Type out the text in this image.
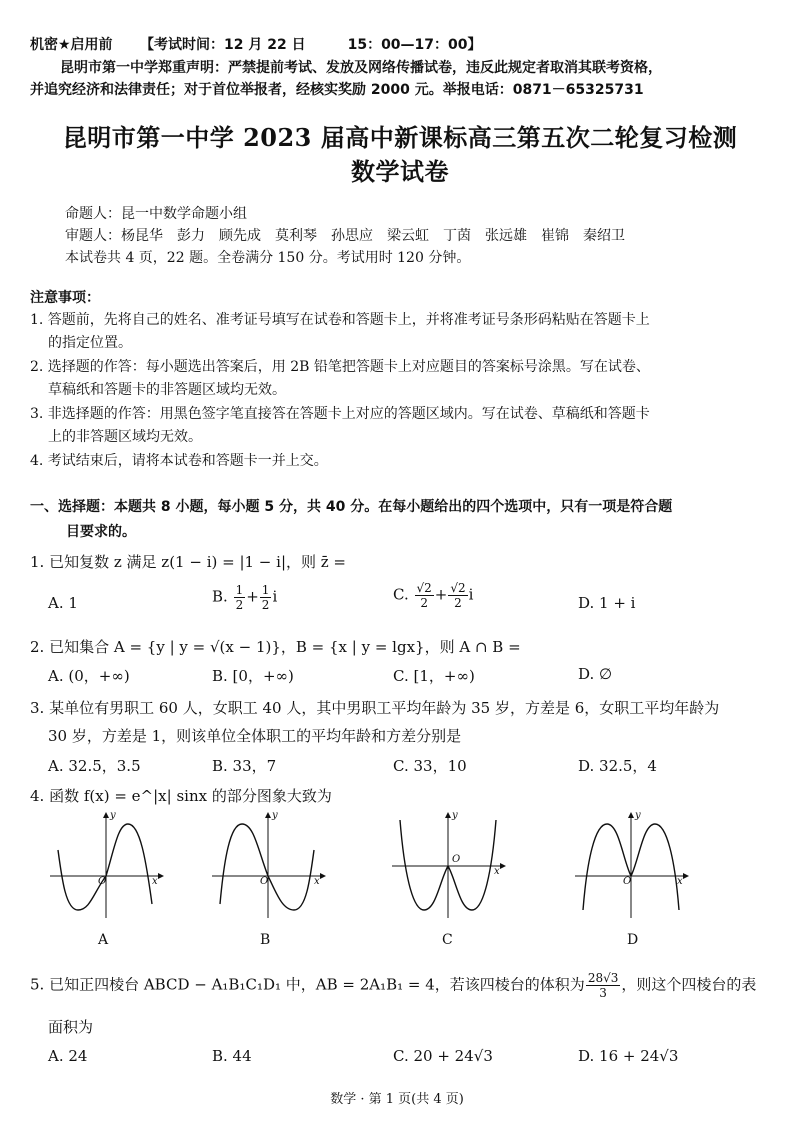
机密★启用前 【考试时间：12 月 22 日　　　15：00—17：00】
昆明市第一中学郑重声明：严禁提前考试、发放及网络传播试卷，违反此规定者取消其联考资格，
并追究经济和法律责任；对于首位举报者，经核实奖励 2000 元。举报电话：0871－65325731
昆明市第一中学 2023 届高中新课标高三第五次二轮复习检测
数学试卷
命题人：昆一中数学命题小组
审题人：杨昆华　彭力　顾先成　莫利琴　孙思应　梁云虹　丁茵　张远雄　崔锦　秦绍卫
本试卷共 4 页，22 题。全卷满分 150 分。考试用时 120 分钟。
注意事项：
1. 答题前，先将自己的姓名、准考证号填写在试卷和答题卡上，并将准考证号条形码粘贴在答题卡上
的指定位置。
2. 选择题的作答：每小题选出答案后，用 2B 铅笔把答题卡上对应题目的答案标号涂黑。写在试卷、
草稿纸和答题卡的非答题区域均无效。
3. 非选择题的作答：用黑色签字笔直接答在答题卡上对应的答题区域内。写在试卷、草稿纸和答题卡
上的非答题区域均无效。
4. 考试结束后，请将本试卷和答题卡一并上交。
一、选择题：本题共 8 小题，每小题 5 分，共 40 分。在每小题给出的四个选项中，只有一项是符合题
目要求的。
1. 已知复数 z 满足 z(1 − i) = |1 − i|，则 z̄ =
A. 1	B. $\frac{1}{2} + \frac{1}{2}$ i	C. $\frac{√2}{2} + \frac{√2}{2}$ i	D. 1 + i
2. 已知集合 A = {y | y = √(x − 1)}，B = {x | y = lgx}，则 A ∩ B =
A. (0，+∞)	B. [0，+∞)	C. [1，+∞)	D. ∅
3. 某单位有男职工 60 人，女职工 40 人，其中男职工平均年龄为 35 岁，方差是 6，女职工平均年龄为
30 岁，方差是 1，则该单位全体职工的平均年龄和方差分别是
A. 32.5，3.5	B. 33，7	C. 33，10	D. 32.5，4
4. 函数 f(x) = e^|x| sinx 的部分图象大致为
y
x
O
A
y
x
O
B
y
x
O
C
y
x
O
D
5. 已知正四棱台 ABCD − A₁B₁C₁D₁ 中，AB = 2A₁B₁ = 4，若该四棱台的体积为 $\frac{28√3}{3}$ ，则这个四棱台的表
面积为
A. 24	B. 44	C. 20 + 24√3	D. 16 + 24√3
数学 · 第 1 页(共 4 页)
